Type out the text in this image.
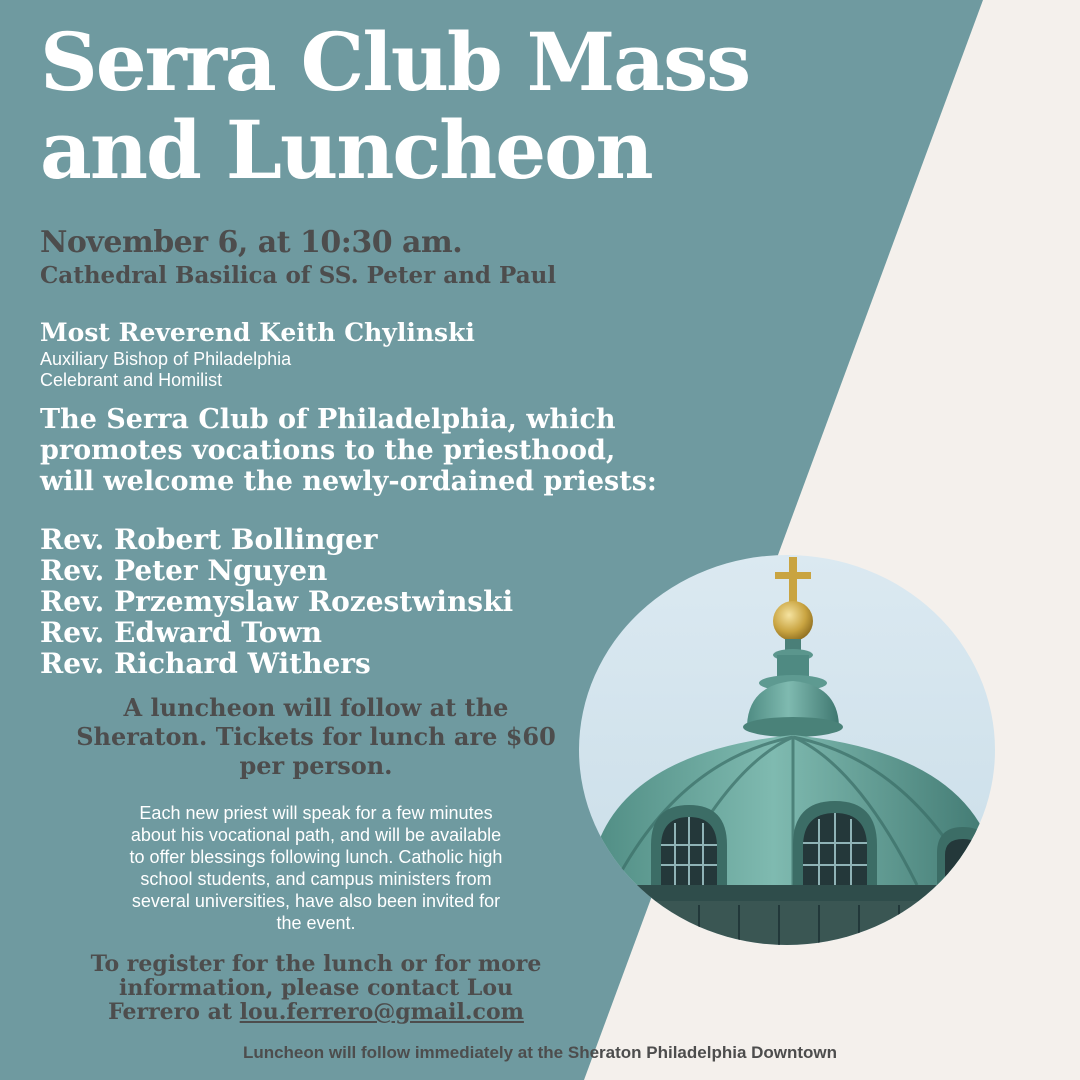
Serra Club Mass
and Luncheon
November 6, at 10:30 am.
Cathedral Basilica of SS. Peter and Paul
Most Reverend Keith Chylinski
Auxiliary Bishop of Philadelphia
Celebrant and Homilist
The Serra Club of Philadelphia, which
promotes vocations to the priesthood,
will welcome the newly-ordained priests:
Rev. Robert Bollinger
Rev. Peter Nguyen
Rev. Przemyslaw Rozestwinski
Rev. Edward Town
Rev. Richard Withers
A luncheon will follow at the
Sheraton. Tickets for lunch are $60
per person.
Each new priest will speak for a few minutes
about his vocational path, and will be available
to offer blessings following lunch. Catholic high
school students, and campus ministers from
several universities, have also been invited for
the event.
To register for the lunch or for more
information, please contact Lou
Ferrero at lou.ferrero@gmail.com
Luncheon will follow immediately at the Sheraton Philadelphia Downtown
